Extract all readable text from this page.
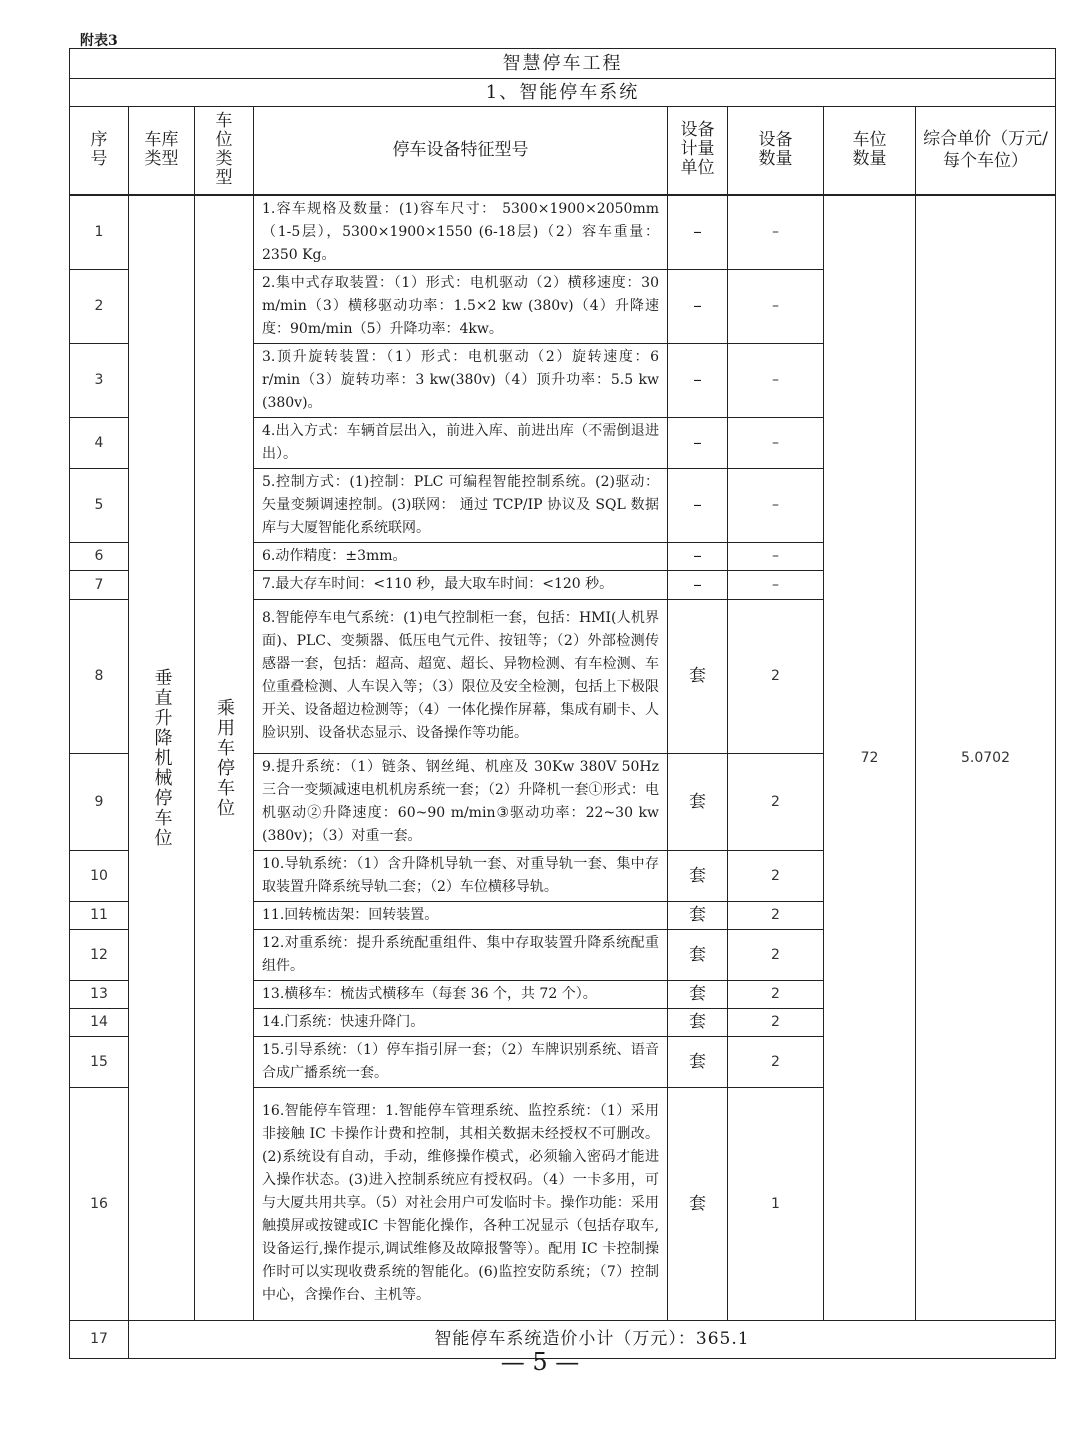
附表3
智慧停车工程							
1、智能停车系统							
序号	车库类型	车位类型	停车设备特征型号	设备计量单位	设备数量	车位数量	综合单价（万元/每个车位）
1	垂直升降机械停车位	乘用车停车位	1.容车规格及数量：(1)容车尺寸： 5300×1900×2050mm（1-5层），5300×1900×1550 (6-18层)（2）容车重量：2350 Kg。	–	–	72	5.0702
2			2.集中式存取装置：（1）形式：电机驱动（2）横移速度：30 m/min（3）横移驱动功率：1.5×2 kw (380v)（4）升降速度：90m/min（5）升降功率：4kw。	–	–		
3			3.顶升旋转装置：（1）形式：电机驱动（2）旋转速度：6 r/min（3）旋转功率：3 kw(380v)（4）顶升功率：5.5 kw (380v)。	–	–		
4			4.出入方式：车辆首层出入，前进入库、前进出库（不需倒退进出）。	–	–		
5			5.控制方式：(1)控制：PLC 可编程智能控制系统。(2)驱动： 矢量变频调速控制。(3)联网： 通过 TCP/IP 协议及 SQL 数据库与大厦智能化系统联网。	–	–		
6			6.动作精度：±3mm。	–	–		
7			7.最大存车时间：<110 秒，最大取车时间：<120 秒。	–	–		
8			8.智能停车电气系统：(1)电气控制柜一套，包括：HMI(人机界面)、PLC、变频器、低压电气元件、按钮等；（2）外部检测传感器一套，包括：超高、超宽、超长、异物检测、有车检测、车位重叠检测、人车误入等；（3）限位及安全检测，包括上下极限开关、设备超边检测等；（4）一体化操作屏幕，集成有刷卡、人脸识别、设备状态显示、设备操作等功能。	套	2		
9			9.提升系统：（1）链条、钢丝绳、机座及 30Kw 380V 50Hz 三合一变频减速电机机房系统一套；（2）升降机一套①形式：电机驱动②升降速度：60~90 m/min③驱动功率：22~30 kw (380v)；（3）对重一套。	套	2		
10			10.导轨系统：（1）含升降机导轨一套、对重导轨一套、集中存取装置升降系统导轨二套；（2）车位横移导轨。	套	2		
11			11.回转梳齿架：回转装置。	套	2		
12			12.对重系统：提升系统配重组件、集中存取装置升降系统配重组件。	套	2		
13			13.横移车：梳齿式横移车（每套 36 个，共 72 个）。	套	2		
14			14.门系统：快速升降门。	套	2		
15			15.引导系统：（1）停车指引屏一套；（2）车牌识别系统、语音合成广播系统一套。	套	2		
16			16.智能停车管理：1.智能停车管理系统、监控系统：（1）采用非接触 IC 卡操作计费和控制，其相关数据未经授权不可删改。(2)系统设有自动，手动，维修操作模式，必须输入密码才能进入操作状态。(3)进入控制系统应有授权码。（4）一卡多用，可与大厦共用共享。（5）对社会用户可发临时卡。操作功能：采用触摸屏或按键或IC 卡智能化操作，各种工况显示（包括存取车,设备运行,操作提示,调试维修及故障报警等）。配用 IC 卡控制操作时可以实现收费系统的智能化。(6)监控安防系统；（7）控制中心，含操作台、主机等。	套	1		
17	智能停车系统造价小计（万元）：365.1						
— 5 —
